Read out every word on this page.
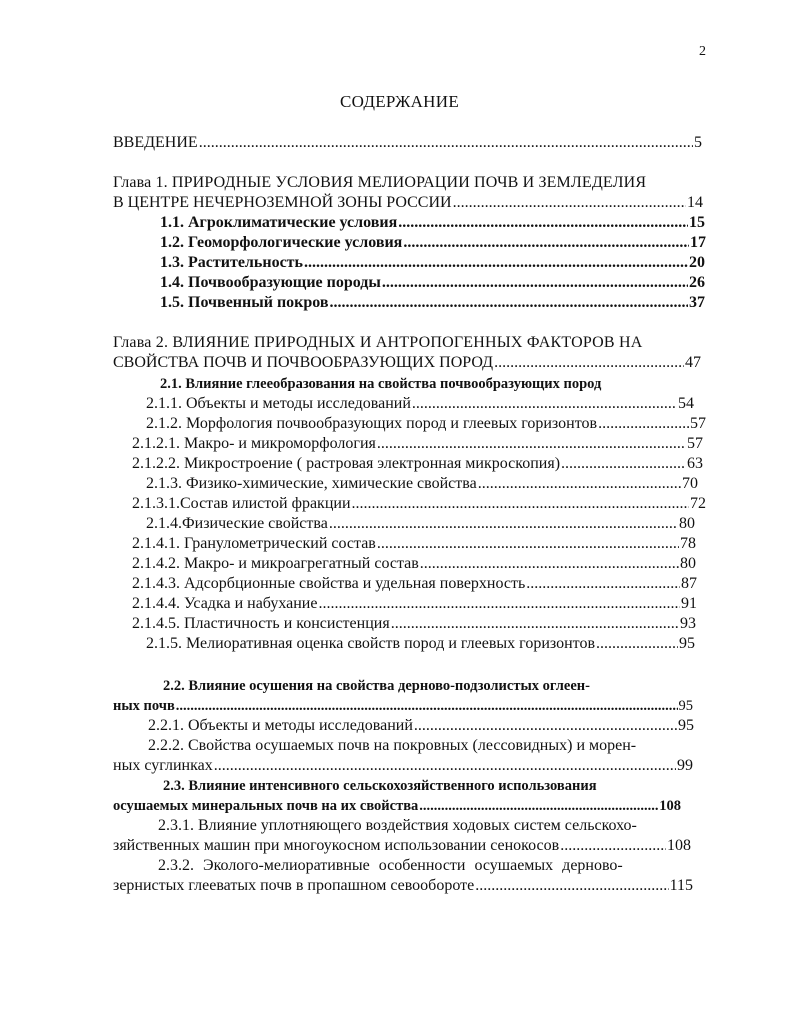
2
СОДЕРЖАНИЕ
ВВЕДЕНИЕ .....	5
Глава 1. ПРИРОДНЫЕ УСЛОВИЯ МЕЛИОРАЦИИ ПОЧВ И ЗЕМЛЕДЕЛИЯ
В ЦЕНТРЕ НЕЧЕРНОЗЕМНОЙ ЗОНЫ РОССИИ .....	14
1.1. Агроклиматические условия .....	15
1.2. Геоморфологические условия .....	17
1.3. Растительность .....	20
1.4. Почвообразующие породы .....	26
1.5. Почвенный покров .....	37
Глава 2. ВЛИЯНИЕ ПРИРОДНЫХ И АНТРОПОГЕННЫХ ФАКТОРОВ НА
СВОЙСТВА ПОЧВ И ПОЧВООБРАЗУЮЩИХ ПОРОД .....	47
2.1. Влияние глееобразования на свойства почвообразующих пород
2.1.1. Объекты и методы исследований .....	54
2.1.2. Морфология почвообразующих пород и глеевых горизонтов .....	57
2.1.2.1. Макро- и микроморфология .....	57
2.1.2.2. Микростроение ( растровая электронная микроскопия) .....	63
2.1.3. Физико-химические, химические свойства .....	70
2.1.3.1.Состав илистой фракции .....	72
2.1.4.Физические свойства .....	80
2.1.4.1. Гранулометрический состав .....	78
2.1.4.2. Макро- и микроагрегатный состав .....	80
2.1.4.3. Адсорбционные свойства и удельная поверхность .....	87
2.1.4.4. Усадка и набухание .....	91
2.1.4.5. Пластичность и консистенция .....	93
2.1.5. Мелиоративная оценка свойств пород и глеевых горизонтов .....	95
2.2. Влияние осушения на свойства дерново-подзолистых оглеен-
ных почв .....	95
2.2.1. Объекты и методы исследований .....	95
2.2.2. Свойства осушаемых почв на покровных (лессовидных) и морен-
ных суглинках .....	99
2.3. Влияние интенсивного сельскохозяйственного использования
осушаемых минеральных почв на их свойства .....	108
2.3.1. Влияние уплотняющего воздействия ходовых систем сельскохо-
зяйственных машин при многоукосном использовании сенокосов .....	108
2.3.2. Эколого-мелиоративные особенности осушаемых дерново-
зернистых глееватых почв в пропашном севообороте .....	115
